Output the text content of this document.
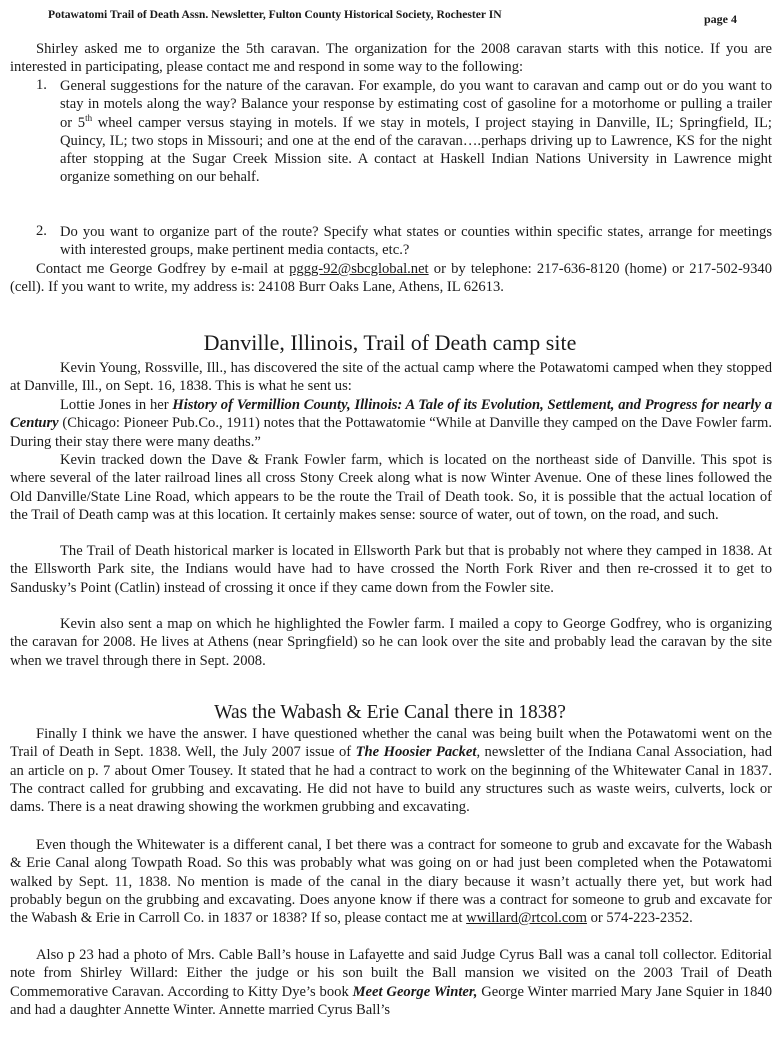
Potawatomi Trail of Death Assn. Newsletter, Fulton County Historical Society, Rochester IN	page 4

Shirley asked me to organize the 5th caravan. The organization for the 2008 caravan starts with this notice. If you are interested in participating, please contact me and respond in some way to the following:

1. General suggestions for the nature of the caravan. For example, do you want to caravan and camp out or do you want to stay in motels along the way? Balance your response by estimating cost of gasoline for a motorhome or pulling a trailer or 5th wheel camper versus staying in motels. If we stay in motels, I project staying in Danville, IL; Springfield, IL; Quincy, IL; two stops in Missouri; and one at the end of the caravan….perhaps driving up to Lawrence, KS for the night after stopping at the Sugar Creek Mission site. A contact at Haskell Indian Nations University in Lawrence might organize something on our behalf.

2. Do you want to organize part of the route? Specify what states or counties within specific states, arrange for meetings with interested groups, make pertinent media contacts, etc.?

Contact me George Godfrey by e-mail at pggg-92@sbcglobal.net or by telephone: 217-636-8120 (home) or 217-502-9340 (cell). If you want to write, my address is: 24108 Burr Oaks Lane, Athens, IL 62613.

Danville, Illinois, Trail of Death camp site

Kevin Young, Rossville, Ill., has discovered the site of the actual camp where the Potawatomi camped when they stopped at Danville, Ill., on Sept. 16, 1838. This is what he sent us:

Lottie Jones in her History of Vermillion County, Illinois: A Tale of its Evolution, Settlement, and Progress for nearly a Century (Chicago: Pioneer Pub.Co., 1911) notes that the Pottawatomie “While at Danville they camped on the Dave Fowler farm. During their stay there were many deaths.”

Kevin tracked down the Dave & Frank Fowler farm, which is located on the northeast side of Danville. This spot is where several of the later railroad lines all cross Stony Creek along what is now Winter Avenue. One of these lines followed the Old Danville/State Line Road, which appears to be the route the Trail of Death took. So, it is possible that the actual location of the Trail of Death camp was at this location. It certainly makes sense: source of water, out of town, on the road, and such.

The Trail of Death historical marker is located in Ellsworth Park but that is probably not where they camped in 1838. At the Ellsworth Park site, the Indians would have had to have crossed the North Fork River and then re-crossed it to get to Sandusky’s Point (Catlin) instead of crossing it once if they came down from the Fowler site.

Kevin also sent a map on which he highlighted the Fowler farm. I mailed a copy to George Godfrey, who is organizing the caravan for 2008. He lives at Athens (near Springfield) so he can look over the site and probably lead the caravan by the site when we travel through there in Sept. 2008.

Was the Wabash & Erie Canal there in 1838?

Finally I think we have the answer. I have questioned whether the canal was being built when the Potawatomi went on the Trail of Death in Sept. 1838. Well, the July 2007 issue of The Hoosier Packet, newsletter of the Indiana Canal Association, had an article on p. 7 about Omer Tousey. It stated that he had a contract to work on the beginning of the Whitewater Canal in 1837. The contract called for grubbing and excavating. He did not have to build any structures such as waste weirs, culverts, lock or dams. There is a neat drawing showing the workmen grubbing and excavating.

Even though the Whitewater is a different canal, I bet there was a contract for someone to grub and excavate for the Wabash & Erie Canal along Towpath Road. So this was probably what was going on or had just been completed when the Potawatomi walked by Sept. 11, 1838. No mention is made of the canal in the diary because it wasn’t actually there yet, but work had probably begun on the grubbing and excavating. Does anyone know if there was a contract for someone to grub and excavate for the Wabash & Erie in Carroll Co. in 1837 or 1838? If so, please contact me at wwillard@rtcol.com or 574-223-2352.

Also p 23 had a photo of Mrs. Cable Ball’s house in Lafayette and said Judge Cyrus Ball was a canal toll collector. Editorial note from Shirley Willard: Either the judge or his son built the Ball mansion we visited on the 2003 Trail of Death Commemorative Caravan. According to Kitty Dye’s book Meet George Winter, George Winter married Mary Jane Squier in 1840 and had a daughter Annette Winter. Annette married Cyrus Ball’s
